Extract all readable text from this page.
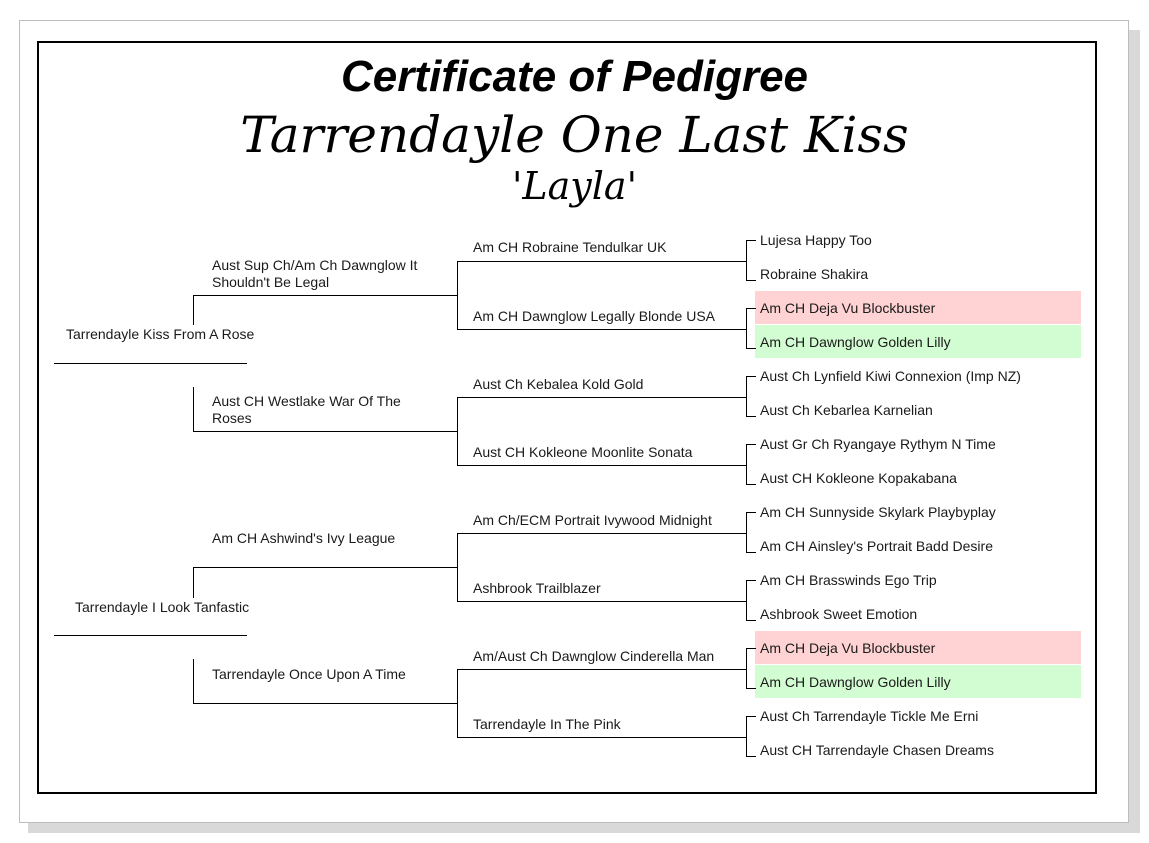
Certificate of Pedigree
Tarrendayle One Last Kiss
'Layla'
Tarrendayle Kiss From A Rose
Tarrendayle I Look Tanfastic
Aust Sup Ch/Am Ch Dawnglow It Shouldn't Be Legal
Aust CH Westlake War Of The Roses
Am CH Ashwind's Ivy League
Tarrendayle Once Upon A Time
Am CH Robraine Tendulkar UK
Am CH Dawnglow Legally Blonde USA
Aust Ch Kebalea Kold Gold
Aust CH Kokleone Moonlite Sonata
Am Ch/ECM Portrait Ivywood Midnight
Ashbrook Trailblazer
Am/Aust Ch Dawnglow Cinderella Man
Tarrendayle In The Pink
Lujesa Happy Too
Robraine Shakira
Am CH Deja Vu Blockbuster
Am CH Dawnglow Golden Lilly
Aust Ch Lynfield Kiwi Connexion (Imp NZ)
Aust Ch Kebarlea Karnelian
Aust Gr Ch Ryangaye Rythym N Time
Aust CH Kokleone Kopakabana
Am CH Sunnyside Skylark Playbyplay
Am CH Ainsley's Portrait Badd Desire
Am CH Brasswinds Ego Trip
Ashbrook Sweet Emotion
Am CH Deja Vu Blockbuster
Am CH Dawnglow Golden Lilly
Aust Ch Tarrendayle Tickle Me Erni
Aust CH Tarrendayle Chasen Dreams
